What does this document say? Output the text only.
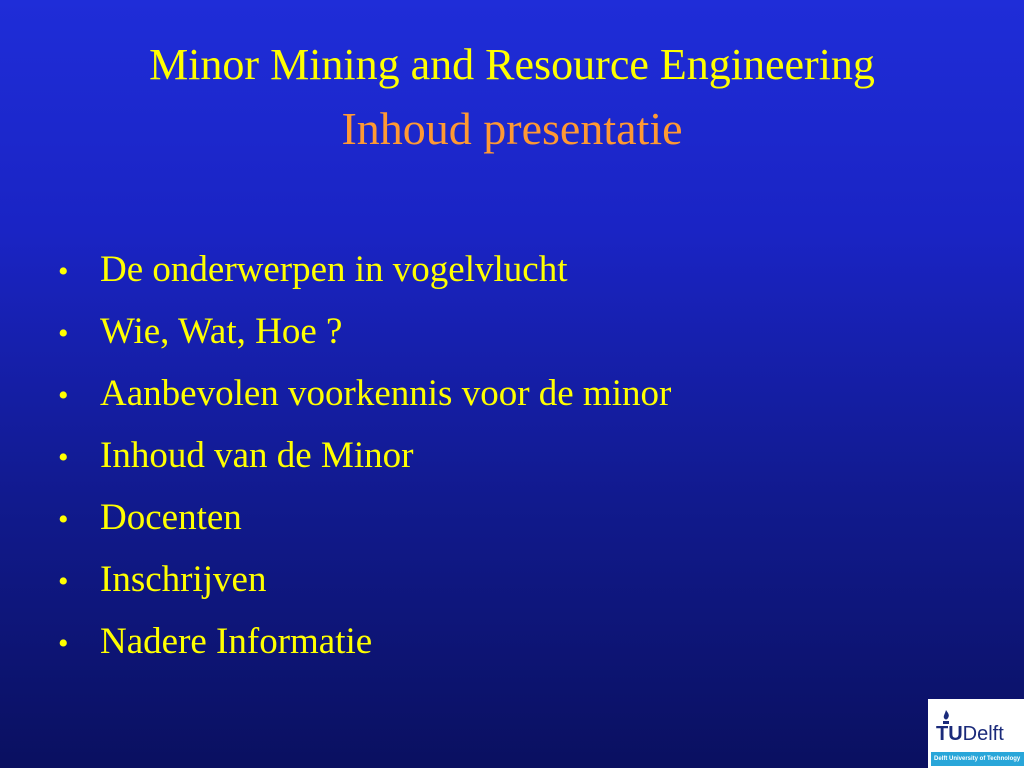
Minor Mining and Resource Engineering
Inhoud presentatie
• De onderwerpen in vogelvlucht
• Wie, Wat, Hoe ?
• Aanbevolen voorkennis voor de minor
• Inhoud van de Minor
• Docenten
• Inschrijven
• Nadere Informatie
TUDelft
Delft University of Technology
